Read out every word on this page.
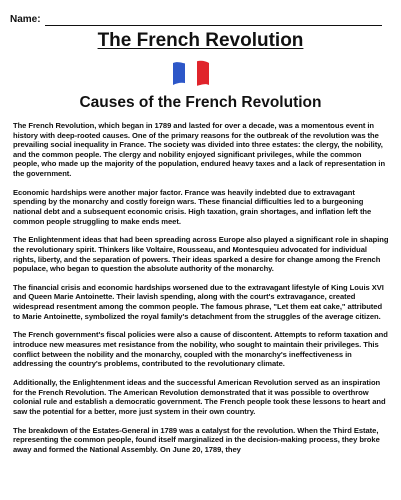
Name:
The French Revolution
Causes of the French Revolution

The French Revolution, which began in 1789 and lasted for over a decade, was a momentous event in history with deep-rooted causes. One of the primary reasons for the outbreak of the revolution was the prevailing social inequality in France. The society was divided into three estates: the clergy, the nobility, and the common people. The clergy and nobility enjoyed significant privileges, while the common people, who made up the majority of the population, endured heavy taxes and a lack of representation in the government.

Economic hardships were another major factor. France was heavily indebted due to extravagant spending by the monarchy and costly foreign wars. These financial difficulties led to a burgeoning national debt and a subsequent economic crisis. High taxation, grain shortages, and inflation left the common people struggling to make ends meet.

The Enlightenment ideas that had been spreading across Europe also played a significant role in shaping the revolutionary spirit. Thinkers like Voltaire, Rousseau, and Montesquieu advocated for individual rights, liberty, and the separation of powers. Their ideas sparked a desire for change among the French populace, who began to question the absolute authority of the monarchy.

The financial crisis and economic hardships worsened due to the extravagant lifestyle of King Louis XVI and Queen Marie Antoinette. Their lavish spending, along with the court's extravagance, created widespread resentment among the common people. The famous phrase, "Let them eat cake," attributed to Marie Antoinette, symbolized the royal family's detachment from the struggles of the average citizen.

The French government's fiscal policies were also a cause of discontent. Attempts to reform taxation and introduce new measures met resistance from the nobility, who sought to maintain their privileges. This conflict between the nobility and the monarchy, coupled with the monarchy's ineffectiveness in addressing the country's problems, contributed to the revolutionary climate.

Additionally, the Enlightenment ideas and the successful American Revolution served as an inspiration for the French Revolution. The American Revolution demonstrated that it was possible to overthrow colonial rule and establish a democratic government. The French people took these lessons to heart and saw the potential for a better, more just system in their own country.

The breakdown of the Estates-General in 1789 was a catalyst for the revolution. When the Third Estate, representing the common people, found itself marginalized in the decision-making process, they broke away and formed the National Assembly. On June 20, 1789, they
